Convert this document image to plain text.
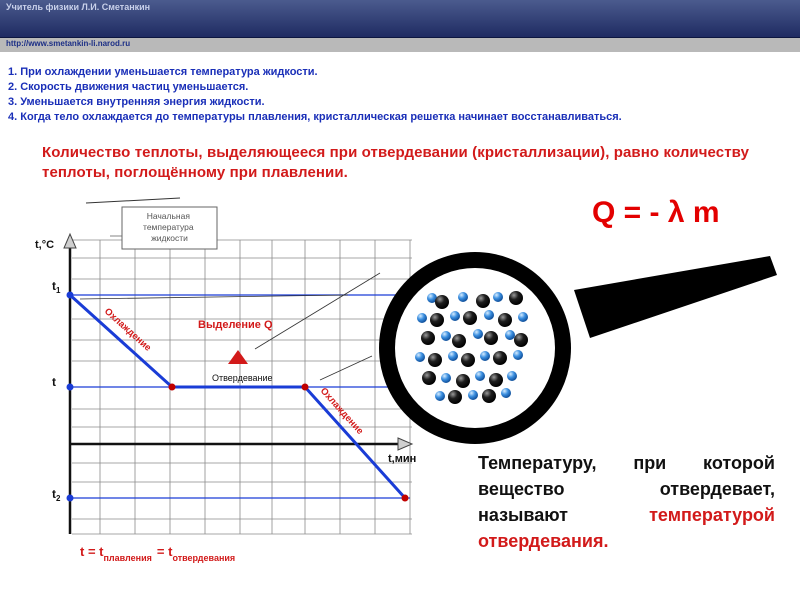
Учитель физики Л.И. Сметанкин
http://www.smetankin-li.narod.ru
1. При охлаждении уменьшается температура жидкости.
2. Скорость движения частиц уменьшается.
3. Уменьшается внутренняя энергия жидкости.
4. Когда тело охлаждается до температуры плавления, кристаллическая решетка начинает восстанавливаться.
Количество теплоты, выделяющееся при отвердевании (кристаллизации), равно количеству теплоты, поглощённому при плавлении.
Q = - λ m
Температуру, при которой вещество отвердевает, называют температурой отвердевания.
Начальная температура жидкости
t,°C
t,мин
$t_1$
t
$t_2$
Охлаждение	Выделение Q
Отвердевание
Охлаждение
$t = t_{плавления} = t_{отвердевания}$
